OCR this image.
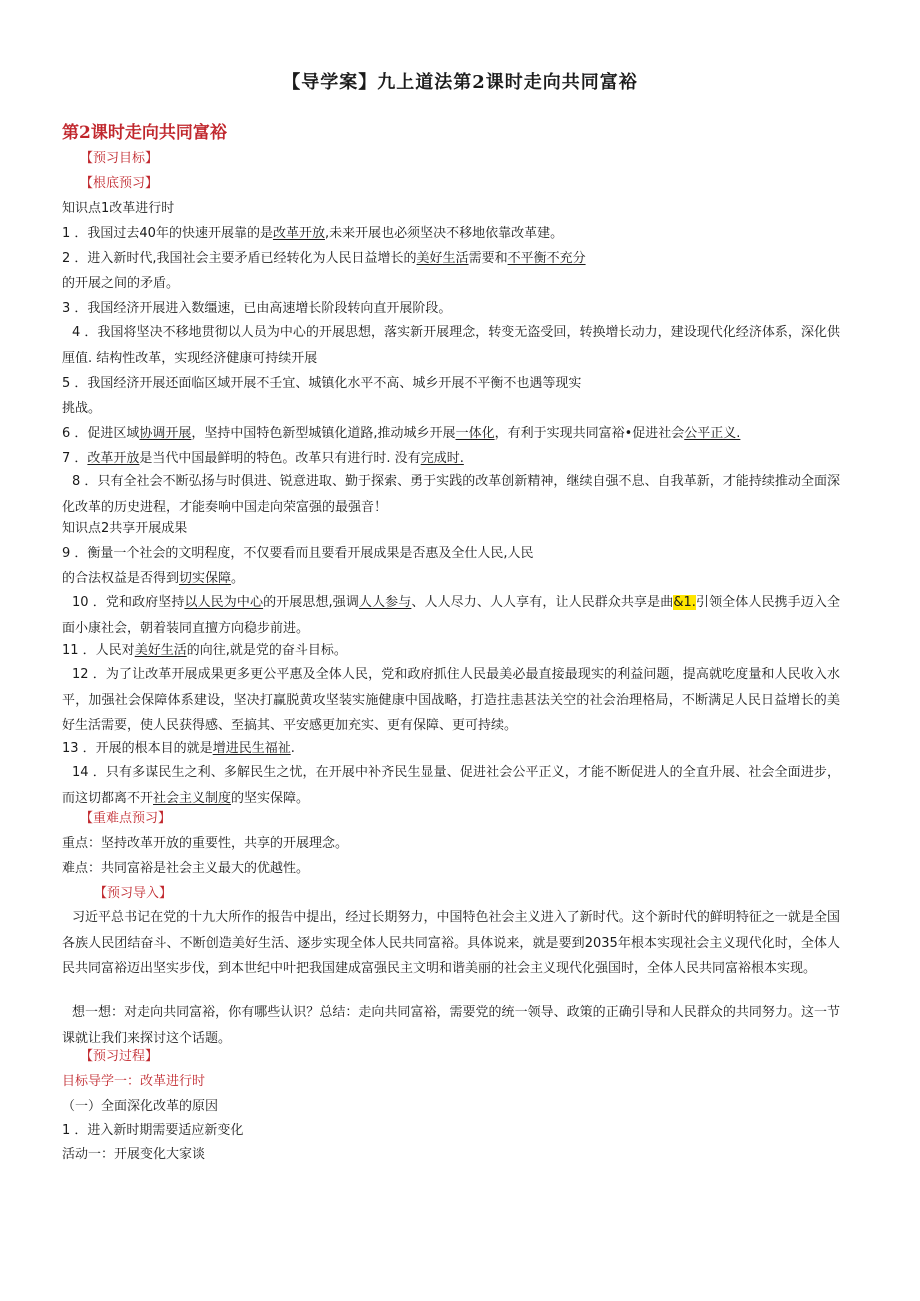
【导学案】九上道法第2课时走向共同富裕
第2课时走向共同富裕
【预习目标】
【根底预习】
知识点1改革进行时
1 ．我国过去40年的快速开展靠的是改革开放,未来开展也必须坚决不移地依靠改革建。
2 ．进入新时代,我国社会主要矛盾已经转化为人民日益增长的美好生活需要和不平衡不充分
的开展之间的矛盾。
3 ．我国经济开展进入数缰速，已由高速增长阶段转向直开展阶段。
4 ．我国将坚决不移地贯彻以人员为中心的开展思想，落实新开展理念，转变无盗受回，转换增长动力，建设现代化经济体系，深化供厘值. 结构性改革，实现经济健康可持续开展
5 ．我国经济开展还面临区域开展不壬宜、城镇化水平不高、城乡开展不平衡不也遇等现实
挑战。
6 ．促进区域协调开展，坚持中国特色新型城镇化道路,推动城乡开展一体化，有利于实现共同富裕•促进社会公平正义.
7 ．改革开放是当代中国最鲜明的特色。改革只有进行时. 没有完成时.
8 ．只有全社会不断弘扬与时俱进、锐意进取、勤于探索、勇于实践的改革创新精神，继续自强不息、自我革新，才能持续推动全面深化改革的历史进程，才能奏响中国走向荣富强的最强音！
知识点2共享开展成果
9 ．衡量一个社会的文明程度，不仅要看而且要看开展成果是否惠及全仕人民,人民
的合法权益是否得到切实保障。
10 ．党和政府坚持以人民为中心的开展思想,强调人人参与、人人尽力、人人享有，让人民群众共享是曲&1.引领全体人民携手迈入全面小康社会，朝着装同直擅方向稳步前进。
11 ．人民对美好生活的向往,就是党的奋斗目标。
12 ．为了让改革开展成果更多更公平惠及全体人民，党和政府抓住人民最美必最直接最现实的利益问题，提高就吃度量和人民收入水平，加强社会保障体系建设，坚决打赢脱黄攻坚装实施健康中国战略，打造拄恚甚法关空的社会治理格局，不断满足人民日益增长的美好生活需要，使人民获得感、至搞其、平安感更加充实、更有保障、更可持续。
13 ．开展的根本目的就是增进民生福祉.
14 ．只有多谋民生之利、多解民生之忧，在开展中补齐民生显量、促进社会公平正义，才能不断促进人的全直升展、社会全面进步，而这切都离不开社会主义制度的坚实保障。
【重难点预习】
重点：坚持改革开放的重要性，共享的开展理念。
难点：共同富裕是社会主义最大的优越性。
【预习导入】
习近平总书记在党的十九大所作的报告中提出，经过长期努力，中国特色社会主义进入了新时代。这个新时代的鲜明特征之一就是全国各族人民团结奋斗、不断创造美好生活、逐步实现全体人民共同富裕。具体说来，就是要到2035年根本实现社会主义现代化时，全体人民共同富裕迈出坚实步伐，到本世纪中叶把我国建成富强民主文明和谐美丽的社会主义现代化强国时，全体人民共同富裕根本实现。
想一想：对走向共同富裕，你有哪些认识？总结：走向共同富裕，需要党的统一领导、政策的正确引导和人民群众的共同努力。这一节课就让我们来探讨这个话题。
【预习过程】
目标导学一：改革进行时
（一）全面深化改革的原因
1 ．进入新时期需要适应新变化
活动一：开展变化大家谈
